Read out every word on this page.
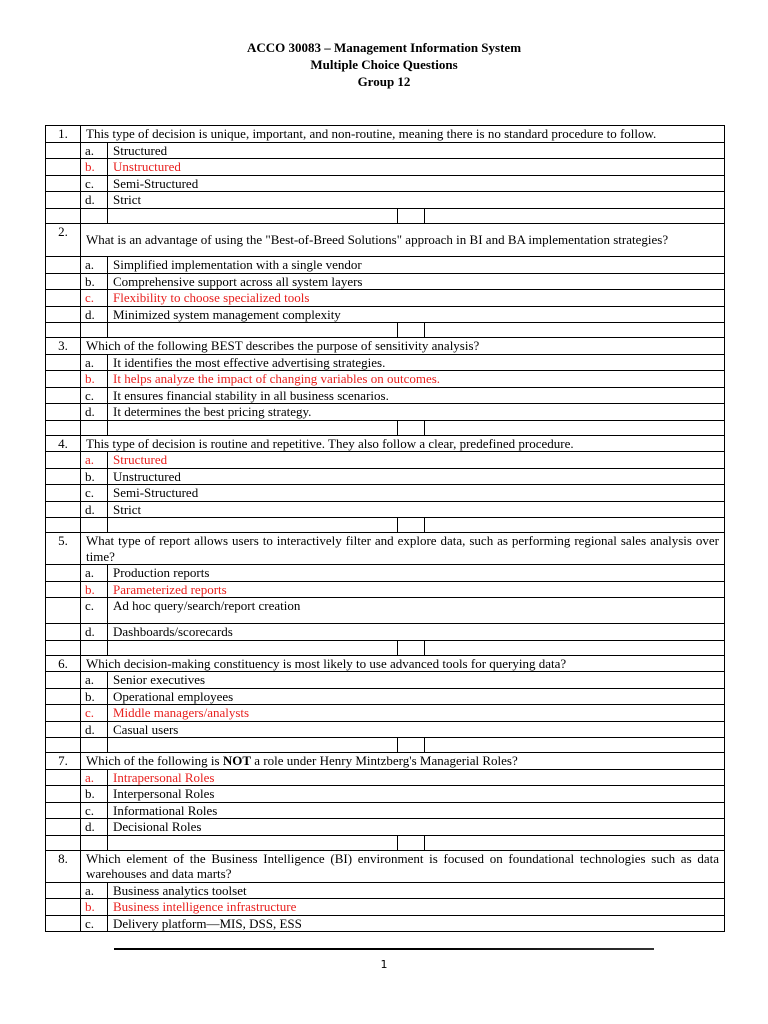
ACCO 30083 – Management Information System
Multiple Choice Questions
Group 12
1.	This type of decision is unique, important, and non-routine, meaning there is no standard procedure to follow.			
	a.	Structured		
	b.	Unstructured		
	c.	Semi-Structured		
	d.	Strict		

2.	What is an advantage of using the "Best-of-Breed Solutions" approach in BI and BA implementation strategies?			
	a.	Simplified implementation with a single vendor		
	b.	Comprehensive support across all system layers		
	c.	Flexibility to choose specialized tools		
	d.	Minimized system management complexity		

3.	Which of the following BEST describes the purpose of sensitivity analysis?			
	a.	It identifies the most effective advertising strategies.		
	b.	It helps analyze the impact of changing variables on outcomes.		
	c.	It ensures financial stability in all business scenarios.		
	d.	It determines the best pricing strategy.		

4.	This type of decision is routine and repetitive. They also follow a clear, predefined procedure.			
	a.	Structured		
	b.	Unstructured		
	c.	Semi-Structured		
	d.	Strict		

5.	What type of report allows users to interactively filter and explore data, such as performing regional sales analysis over time?			
	a.	Production reports		
	b.	Parameterized reports		
	c.	Ad hoc query/search/report creation		
	d.	Dashboards/scorecards		

6.	Which decision-making constituency is most likely to use advanced tools for querying data?			
	a.	Senior executives		
	b.	Operational employees		
	c.	Middle managers/analysts		
	d.	Casual users		

7.	Which of the following is NOT a role under Henry Mintzberg's Managerial Roles?			
	a.	Intrapersonal Roles		
	b.	Interpersonal Roles		
	c.	Informational Roles		
	d.	Decisional Roles		

8.	Which element of the Business Intelligence (BI) environment is focused on foundational technologies such as data warehouses and data marts?			
	a.	Business analytics toolset		
	b.	Business intelligence infrastructure		
	c.	Delivery platform—MIS, DSS, ESS		
1
